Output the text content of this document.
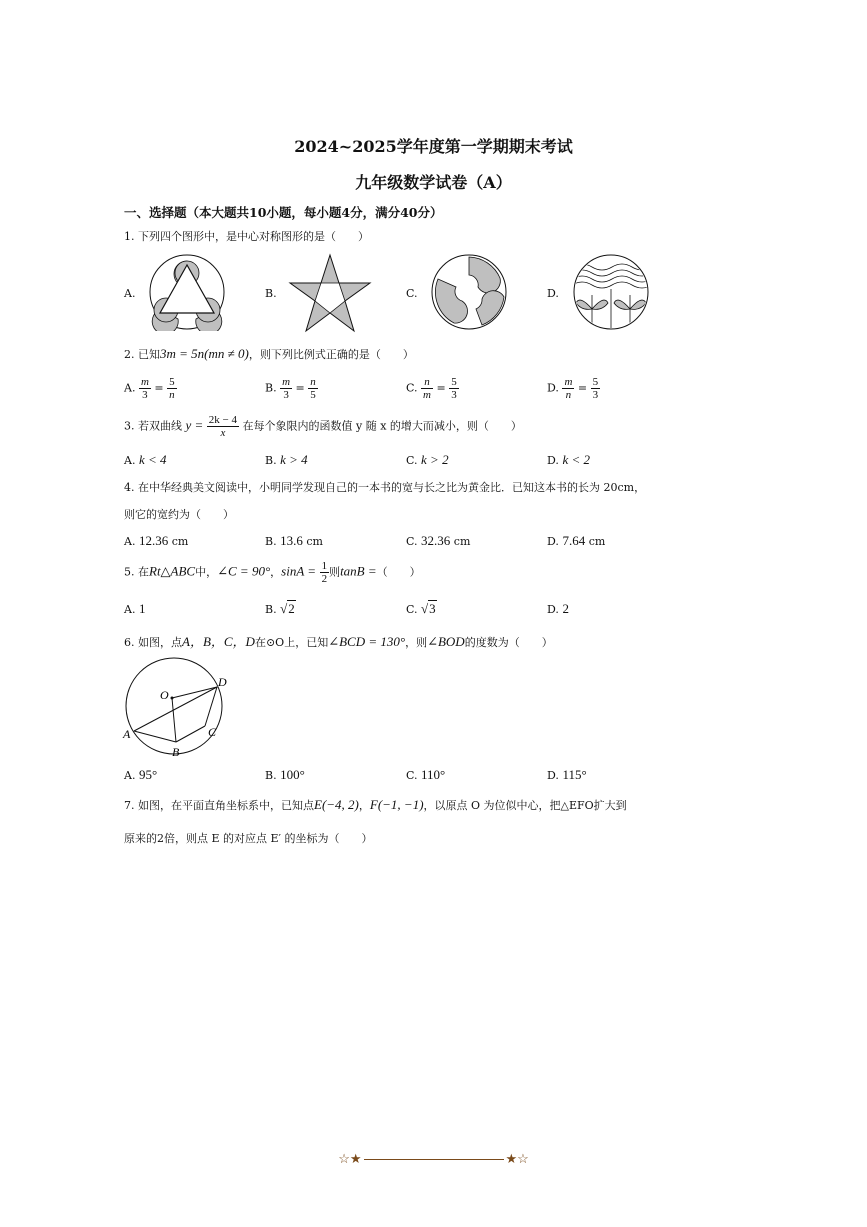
2024~2025学年度第一学期期末考试
九年级数学试卷（A）
一、选择题（本大题共10小题，每小题4分，满分40分）
1. 下列四个图形中，是中心对称图形的是（　　）
A.	B.	C.	D.
2. 已知3m = 5n(mn ≠ 0)，则下列比例式正确的是（　　）
A. $\frac{m}{3} = \frac{5}{n}$	B. $\frac{m}{3} = \frac{n}{5}$	C. $\frac{n}{m} = \frac{5}{3}$	D. $\frac{m}{n} = \frac{5}{3}$
3. 若双曲线 $y = \frac{2k - 4}{x}$ 在每个象限内的函数值 y 随 x 的增大而减小，则（　　）
A. k < 4	B. k > 4	C. k > 2	D. k < 2
4. 在中华经典美文阅读中，小明同学发现自己的一本书的宽与长之比为黄金比．已知这本书的长为 20cm，
则它的宽约为（　　）
A. 12.36 cm	B. 13.6 cm	C. 32.36 cm	D. 7.64 cm
5. 在Rt△ABC中，∠C = 90°，$\sin A = \frac{1}{2}$ 则tanB =（　　）
A. 1	B. √2	C. √3	D. 2
6. 如图，点A，B，C，D在⊙O上，已知∠BCD = 130°，则∠BOD的度数为（　　）
O
D
A
B
C
A. 95°	B. 100°	C. 110°	D. 115°
7. 如图，在平面直角坐标系中，已知点E(−4, 2)，F(−1, −1)，以原点 O 为位似中心，把△EFO扩大到
原来的2倍，则点 E 的对应点 E′ 的坐标为（　　）
☆★	★☆
